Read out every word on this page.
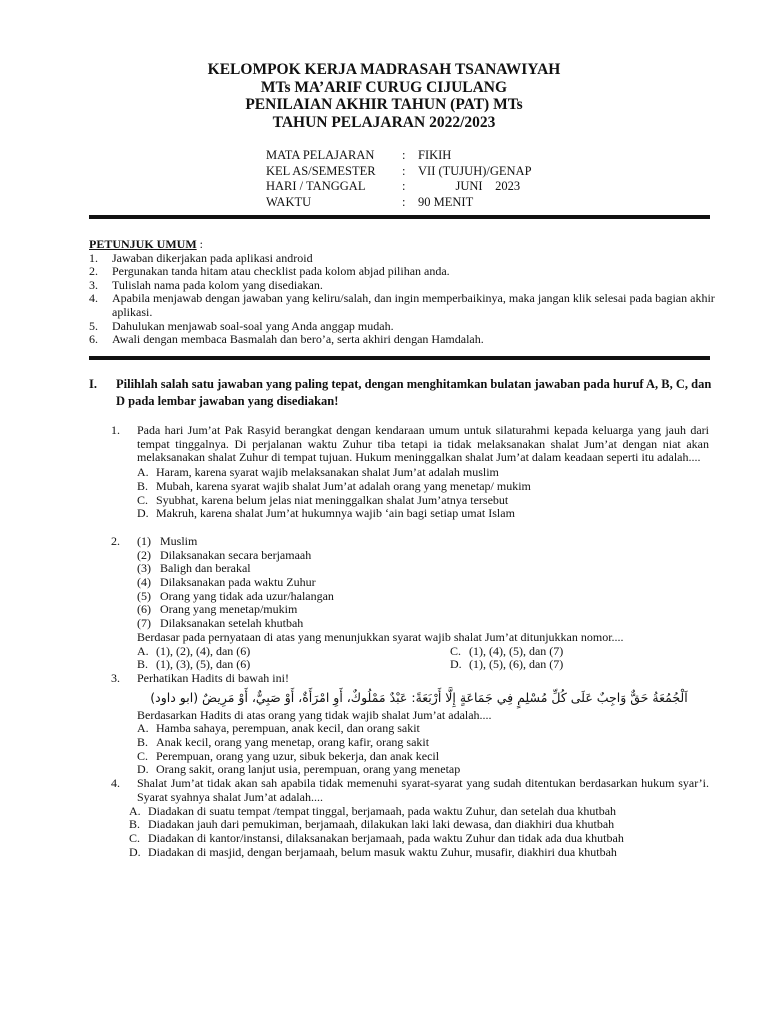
KELOMPOK KERJA MADRASAH TSANAWIYAH
MTs MA’ARIF CURUG CIJULANG
PENILAIAN AKHIR TAHUN (PAT) MTs
TAHUN PELAJARAN 2022/2023
MATA PELAJARAN	:	FIKIH
KEL AS/SEMESTER	:	VII (TUJUH)/GENAP
HARI / TANGGAL	:	JUNI    2023
WAKTU	:	90 MENIT
PETUNJUK UMUM :
1.	Jawaban dikerjakan pada aplikasi android
2.	Pergunakan tanda hitam atau checklist pada kolom abjad pilihan anda.
3.	Tulislah nama pada kolom yang disediakan.
4.	Apabila menjawab dengan jawaban yang keliru/salah, dan ingin memperbaikinya, maka jangan klik selesai pada bagian akhir aplikasi.
5.	Dahulukan menjawab soal-soal yang Anda anggap mudah.
6.	Awali dengan membaca Basmalah dan bero’a, serta akhiri dengan Hamdalah.
I.	Pilihlah salah satu jawaban yang paling tepat, dengan menghitamkan bulatan jawaban pada huruf A, B, C, dan D pada lembar jawaban yang disediakan!
1.	Pada hari Jum’at Pak Rasyid berangkat dengan kendaraan umum untuk silaturahmi kepada keluarga yang jauh dari tempat tinggalnya. Di perjalanan waktu Zuhur tiba tetapi ia tidak melaksanakan shalat Jum’at dengan niat akan melaksanakan shalat Zuhur di tempat tujuan. Hukum meninggalkan shalat Jum’at dalam keadaan seperti itu adalah....
A. Haram, karena syarat wajib melaksanakan shalat Jum’at adalah muslim
B. Mubah, karena syarat wajib shalat Jum’at adalah orang yang menetap/ mukim
C. Syubhat, karena belum jelas niat meninggalkan shalat Jum’atnya tersebut
D. Makruh, karena shalat Jum’at hukumnya wajib ‘ain bagi setiap umat Islam
2.	(1) Muslim
(2) Dilaksanakan secara berjamaah
(3) Baligh dan berakal
(4) Dilaksanakan pada waktu Zuhur
(5) Orang yang tidak ada uzur/halangan
(6) Orang yang menetap/mukim
(7) Dilaksanakan setelah khutbah
Berdasar pada pernyataan di atas yang menunjukkan syarat wajib shalat Jum’at ditunjukkan nomor....
A. (1), (2), (4), dan (6)	C. (1), (4), (5), dan (7)
B. (1), (3), (5), dan (6)	D. (1), (5), (6), dan (7)
3.	Perhatikan Hadits di bawah ini!
اَلْجُمُعَةُ حَقٌّ وَاجِبٌ عَلَى كُلِّ مُسْلِمٍ فِي جَمَاعَةٍ إِلَّا أَرْبَعَةً: عَبْدٌ مَمْلُوكٌ، أَوِ امْرَأَةٌ، أَوْ صَبِيٌّ، أَوْ مَرِيضٌ (ابو داود)
Berdasarkan Hadits di atas orang yang tidak wajib shalat Jum’at adalah....
A. Hamba sahaya, perempuan, anak kecil, dan orang sakit
B. Anak kecil, orang yang menetap, orang kafir, orang sakit
C. Perempuan, orang yang uzur, sibuk bekerja, dan anak kecil
D. Orang sakit, orang lanjut usia, perempuan, orang yang menetap
4.	Shalat Jum’at tidak akan sah apabila tidak memenuhi syarat-syarat yang sudah ditentukan berdasarkan hukum syar’i. Syarat syahnya shalat Jum’at adalah....
A. Diadakan di suatu tempat /tempat tinggal, berjamaah, pada waktu Zuhur, dan setelah dua khutbah
B. Diadakan jauh dari pemukiman, berjamaah, dilakukan laki laki dewasa, dan diakhiri dua khutbah
C. Diadakan di kantor/instansi, dilaksanakan berjamaah, pada waktu Zuhur dan tidak ada dua khutbah
D. Diadakan di masjid, dengan berjamaah, belum masuk waktu Zuhur, musafir, diakhiri dua khutbah
